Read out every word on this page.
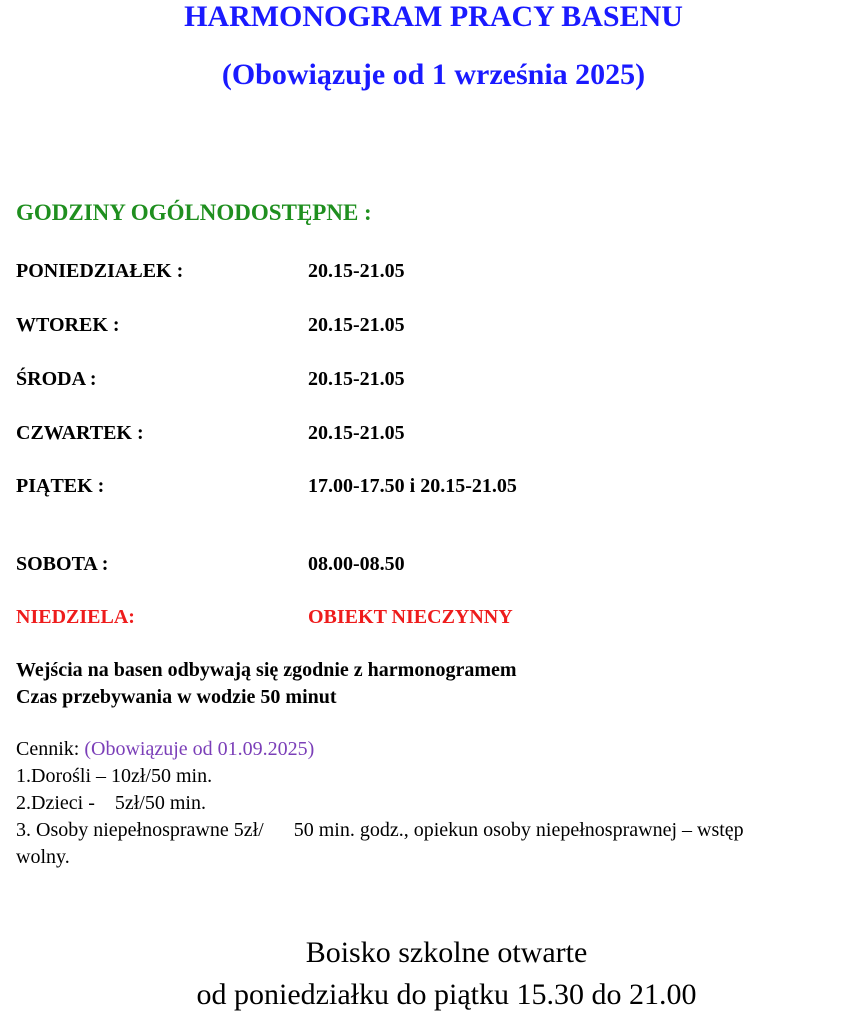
HARMONOGRAM PRACY BASENU
(Obowiązuje od 1 września 2025)
GODZINY OGÓLNODOSTĘPNE :
PONIEDZIAŁEK :	20.15-21.05
WTOREK :	20.15-21.05
ŚRODA :	20.15-21.05
CZWARTEK :	20.15-21.05
PIĄTEK :	17.00-17.50 i 20.15-21.05
SOBOTA :	08.00-08.50
NIEDZIELA:	OBIEKT NIECZYNNY
Wejścia na basen odbywają się zgodnie z harmonogramem
Czas przebywania w wodzie 50 minut
Cennik: (Obowiązuje od 01.09.2025)
1.Dorośli – 10zł/50 min.
2.Dzieci -    5zł/50 min.
3. Osoby niepełnosprawne 5zł/      50 min. godz., opiekun osoby niepełnosprawnej – wstęp
wolny.
Boisko szkolne otwarte
od poniedziałku do piątku 15.30 do 21.00
